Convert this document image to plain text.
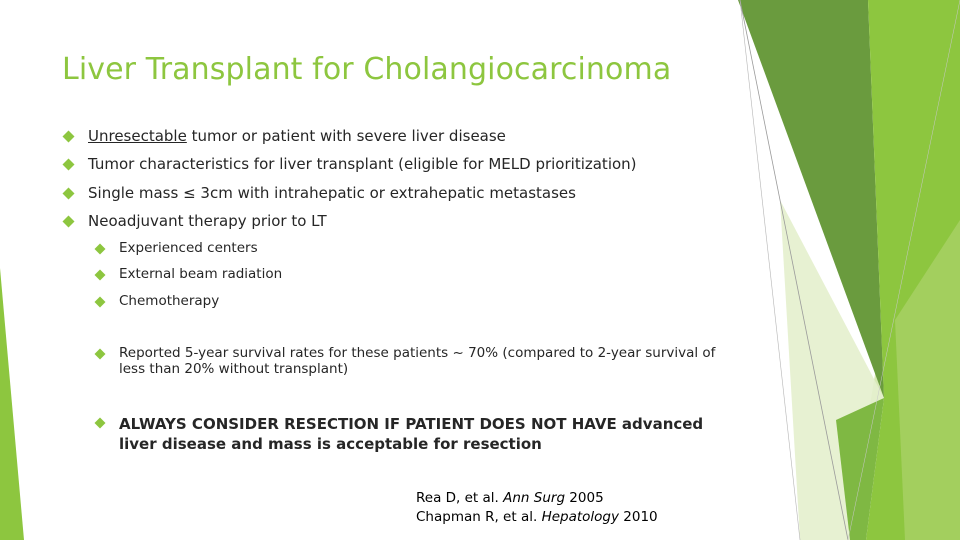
Liver Transplant for Cholangiocarcinoma
Unresectable tumor or patient with severe liver disease
Tumor characteristics for liver transplant (eligible for MELD prioritization)
Single mass ≤ 3cm with intrahepatic or extrahepatic metastases
Neoadjuvant therapy prior to LT
Experienced centers
External beam radiation
Chemotherapy
Reported 5-year survival rates for these patients ~ 70% (compared to 2-year survival of less than 20% without transplant)
ALWAYS CONSIDER RESECTION IF PATIENT DOES NOT HAVE advanced liver disease and mass is acceptable for resection
Rea D, et al. Ann Surg 2005
Chapman R, et al. Hepatology 2010
